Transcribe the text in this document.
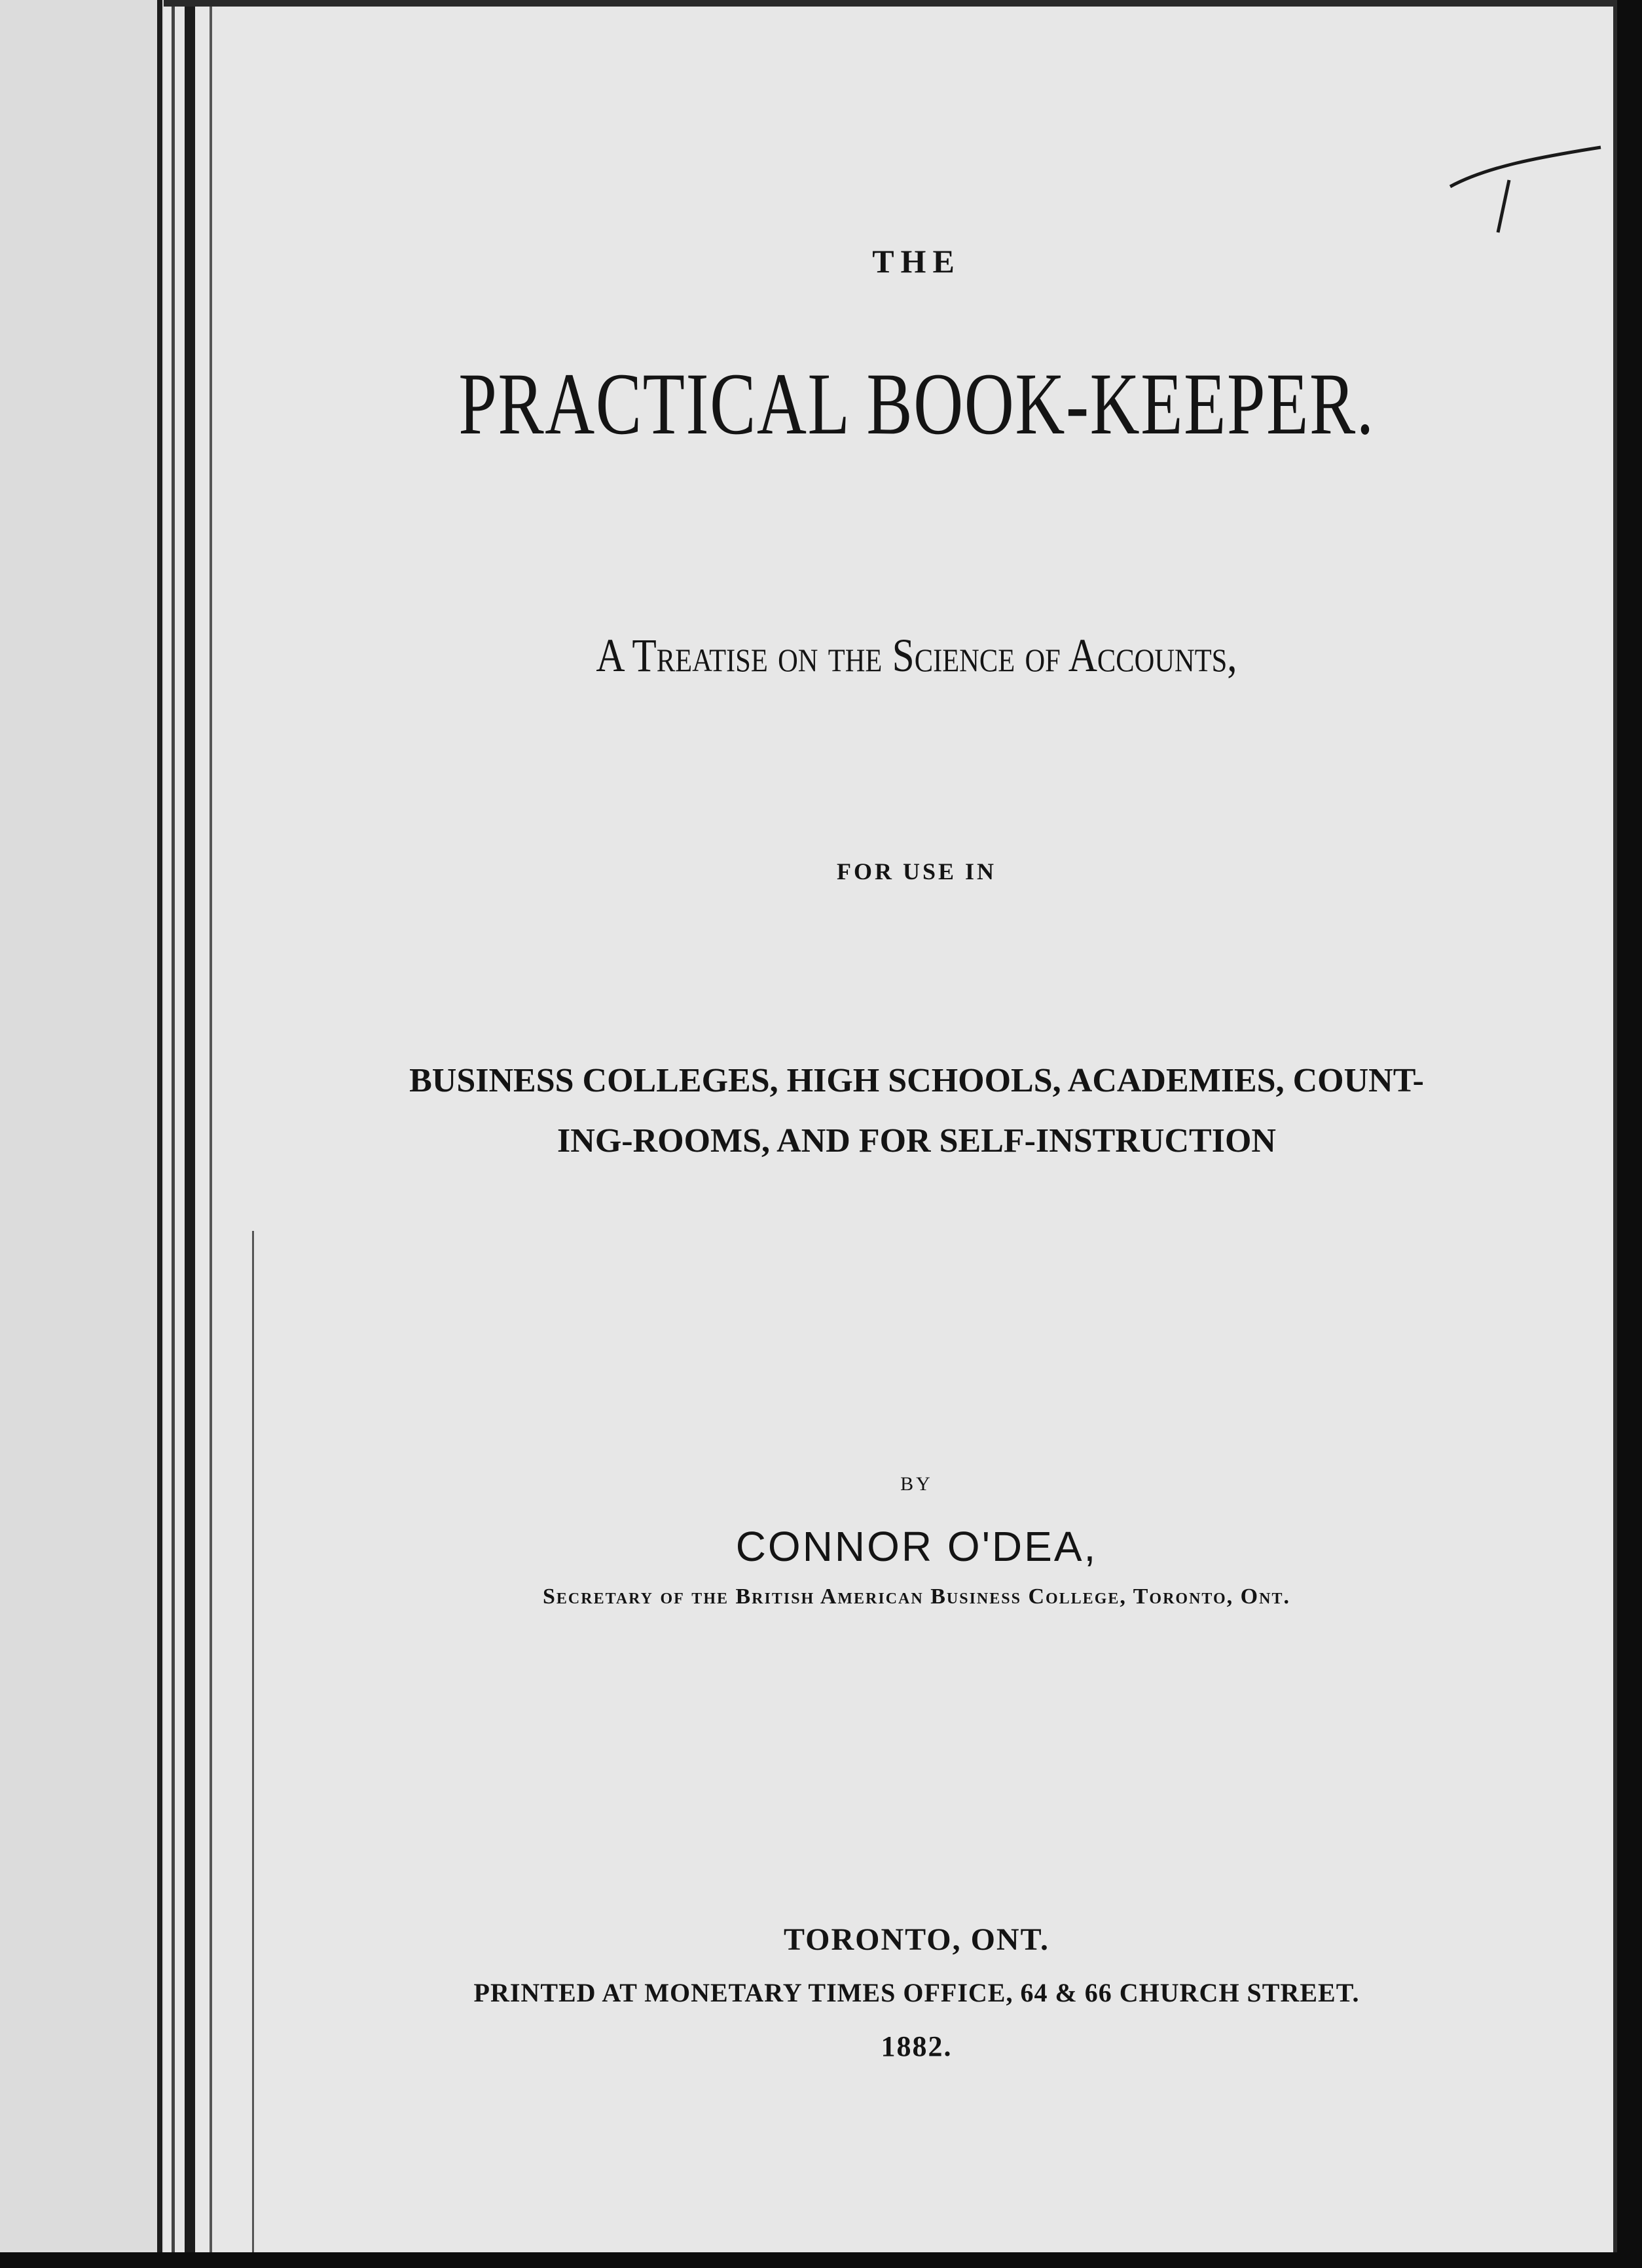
THE
PRACTICAL BOOK-KEEPER.
A Treatise on the Science of Accounts,
FOR USE IN
BUSINESS COLLEGES, HIGH SCHOOLS, ACADEMIES, COUNT-
ING-ROOMS, AND FOR SELF-INSTRUCTION
BY
CONNOR O'DEA,
Secretary of the British American Business College, Toronto, Ont.
TORONTO, ONT.
PRINTED AT MONETARY TIMES OFFICE, 64 & 66 CHURCH STREET.
1882.
